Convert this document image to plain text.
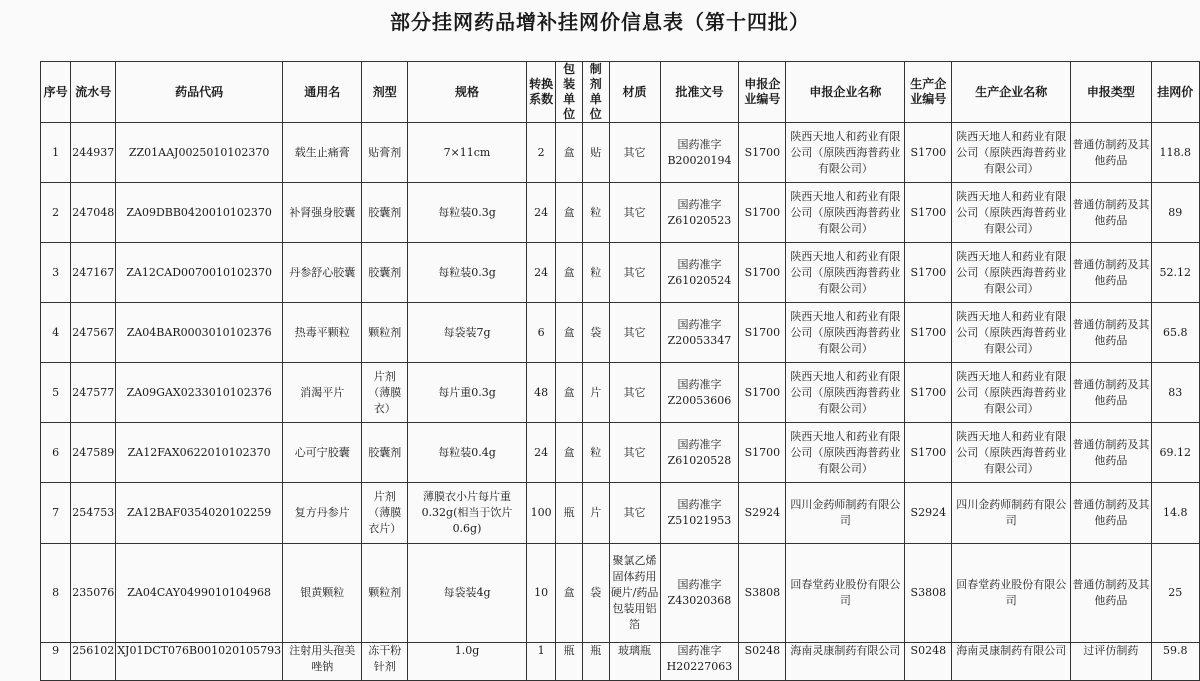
部分挂网药品增补挂网价信息表（第十四批）
序号	流水号	药品代码	通用名	剂型	规格	转换系数	包装单位	制剂单位	材质	批准文号	申报企业编号	申报企业名称	生产企业编号	生产企业名称	申报类型	挂网价
1	244937	ZZ01AAJ0025010102370	载生止痛膏	贴膏剂	7×11cm	2	盒	贴	其它	国药准字B20020194	S1700	陕西天地人和药业有限公司（原陕西海普药业有限公司）	S1700	陕西天地人和药业有限公司（原陕西海普药业有限公司）	普通仿制药及其他药品	118.8
2	247048	ZA09DBB0420010102370	补肾强身胶囊	胶囊剂	每粒装0.3g	24	盒	粒	其它	国药准字Z61020523	S1700	陕西天地人和药业有限公司（原陕西海普药业有限公司）	S1700	陕西天地人和药业有限公司（原陕西海普药业有限公司）	普通仿制药及其他药品	89
3	247167	ZA12CAD0070010102370	丹参舒心胶囊	胶囊剂	每粒装0.3g	24	盒	粒	其它	国药准字Z61020524	S1700	陕西天地人和药业有限公司（原陕西海普药业有限公司）	S1700	陕西天地人和药业有限公司（原陕西海普药业有限公司）	普通仿制药及其他药品	52.12
4	247567	ZA04BAR0003010102376	热毒平颗粒	颗粒剂	每袋装7g	6	盒	袋	其它	国药准字Z20053347	S1700	陕西天地人和药业有限公司（原陕西海普药业有限公司）	S1700	陕西天地人和药业有限公司（原陕西海普药业有限公司）	普通仿制药及其他药品	65.8
5	247577	ZA09GAX0233010102376	消渴平片	片剂（薄膜衣）	每片重0.3g	48	盒	片	其它	国药准字Z20053606	S1700	陕西天地人和药业有限公司（原陕西海普药业有限公司）	S1700	陕西天地人和药业有限公司（原陕西海普药业有限公司）	普通仿制药及其他药品	83
6	247589	ZA12FAX0622010102370	心可宁胶囊	胶囊剂	每粒装0.4g	24	盒	粒	其它	国药准字Z61020528	S1700	陕西天地人和药业有限公司（原陕西海普药业有限公司）	S1700	陕西天地人和药业有限公司（原陕西海普药业有限公司）	普通仿制药及其他药品	69.12
7	254753	ZA12BAF0354020102259	复方丹参片	片剂（薄膜衣片）	薄膜衣小片每片重0.32g(相当于饮片0.6g)	100	瓶	片	其它	国药准字Z51021953	S2924	四川金药师制药有限公司	S2924	四川金药师制药有限公司	普通仿制药及其他药品	14.8
8	235076	ZA04CAY0499010104968	银黄颗粒	颗粒剂	每袋装4g	10	盒	袋	聚氯乙烯固体药用硬片/药品包装用铝箔	国药准字Z43020368	S3808	回春堂药业股份有限公司	S3808	回春堂药业股份有限公司	普通仿制药及其他药品	25
9	256102	XJ01DCT076B001020105793	注射用头孢美唑钠	冻干粉针剂	1.0g	1	瓶	瓶	玻璃瓶	国药准字H20227063	S0248	海南灵康制药有限公司	S0248	海南灵康制药有限公司	过评仿制药	59.8
